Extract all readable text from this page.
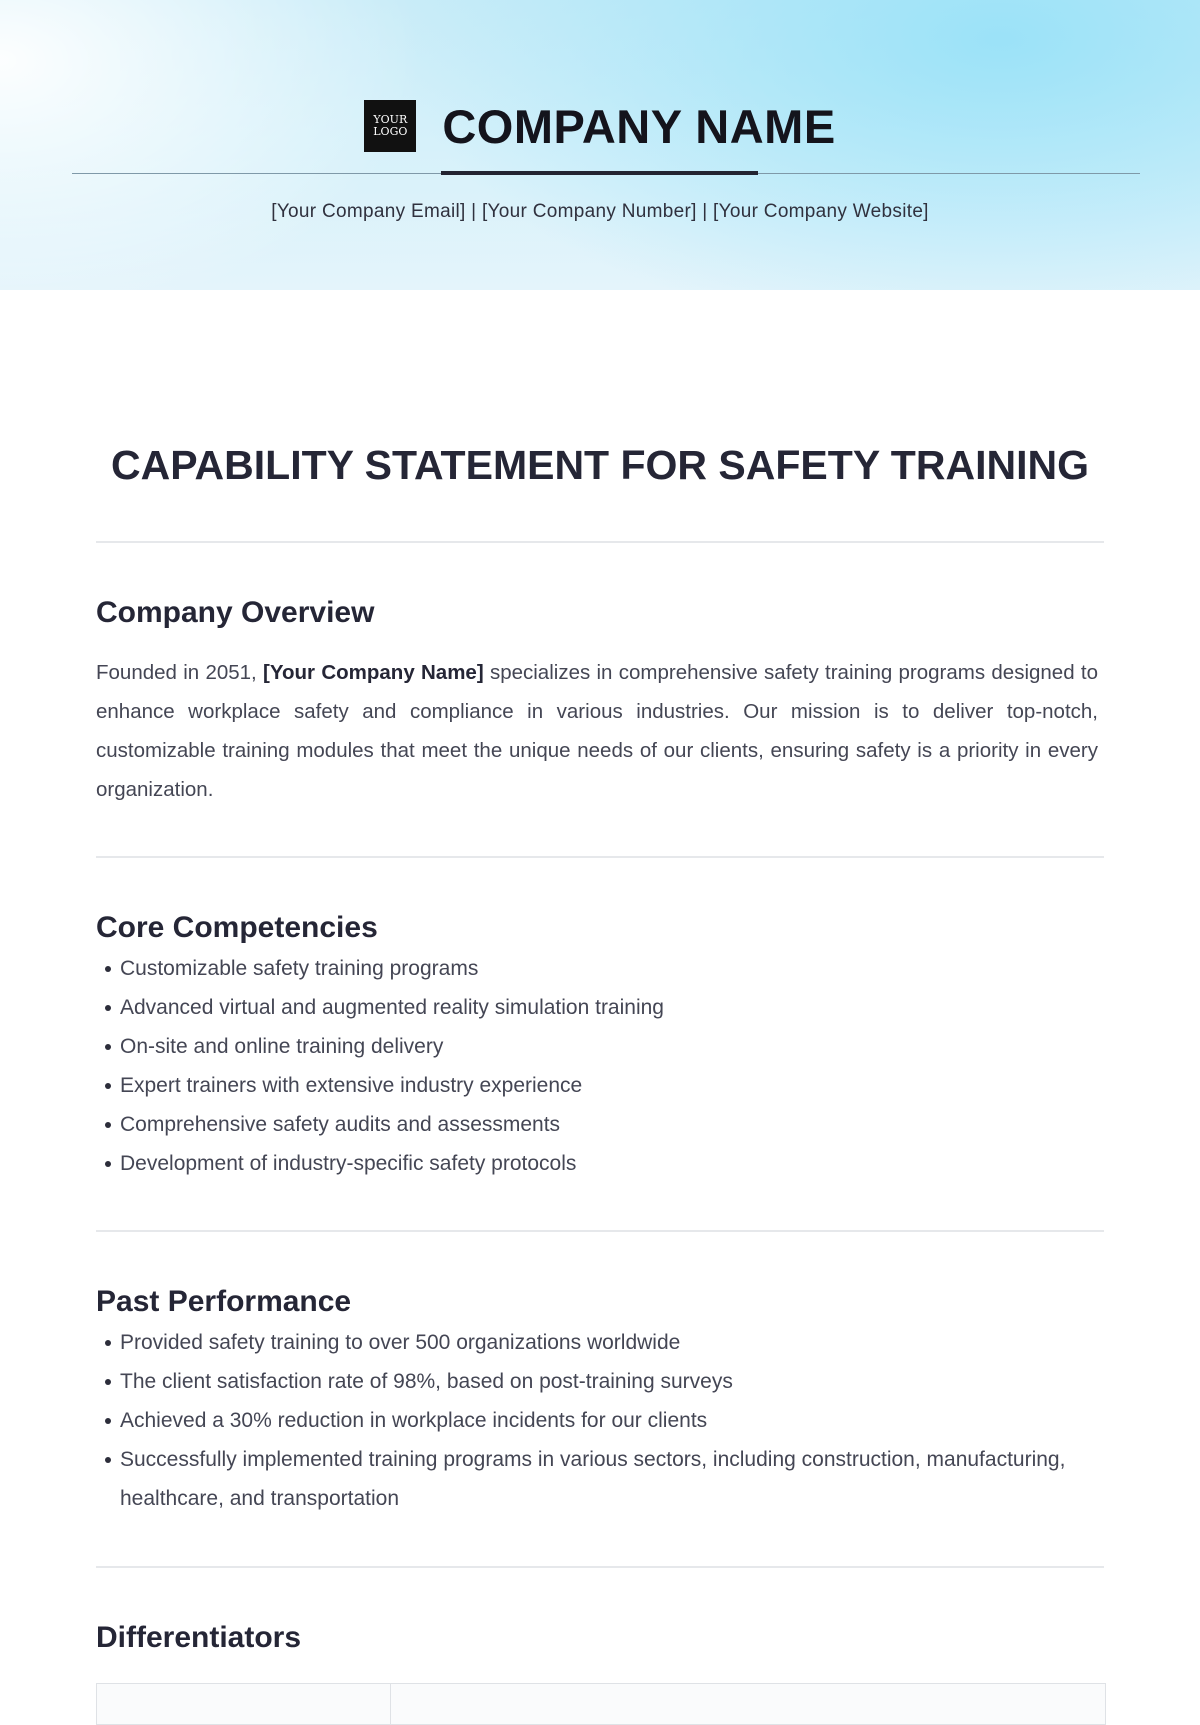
YOUR
LOGO COMPANY NAME
[Your Company Email] | [Your Company Number] | [Your Company Website]
CAPABILITY STATEMENT FOR SAFETY TRAINING
Company Overview

Founded in 2051, [Your Company Name] specializes in comprehensive safety training programs designed to enhance workplace safety and compliance in various industries. Our mission is to deliver top-notch, customizable training modules that meet the unique needs of our clients, ensuring safety is a priority in every organization.

Core Competencies
Customizable safety training programs
Advanced virtual and augmented reality simulation training
On-site and online training delivery
Expert trainers with extensive industry experience
Comprehensive safety audits and assessments
Development of industry-specific safety protocols
Past Performance
Provided safety training to over 500 organizations worldwide
The client satisfaction rate of 98%, based on post-training surveys
Achieved a 30% reduction in workplace incidents for our clients
Successfully implemented training programs in various sectors, including construction, manufacturing, healthcare, and transportation
Differentiators
